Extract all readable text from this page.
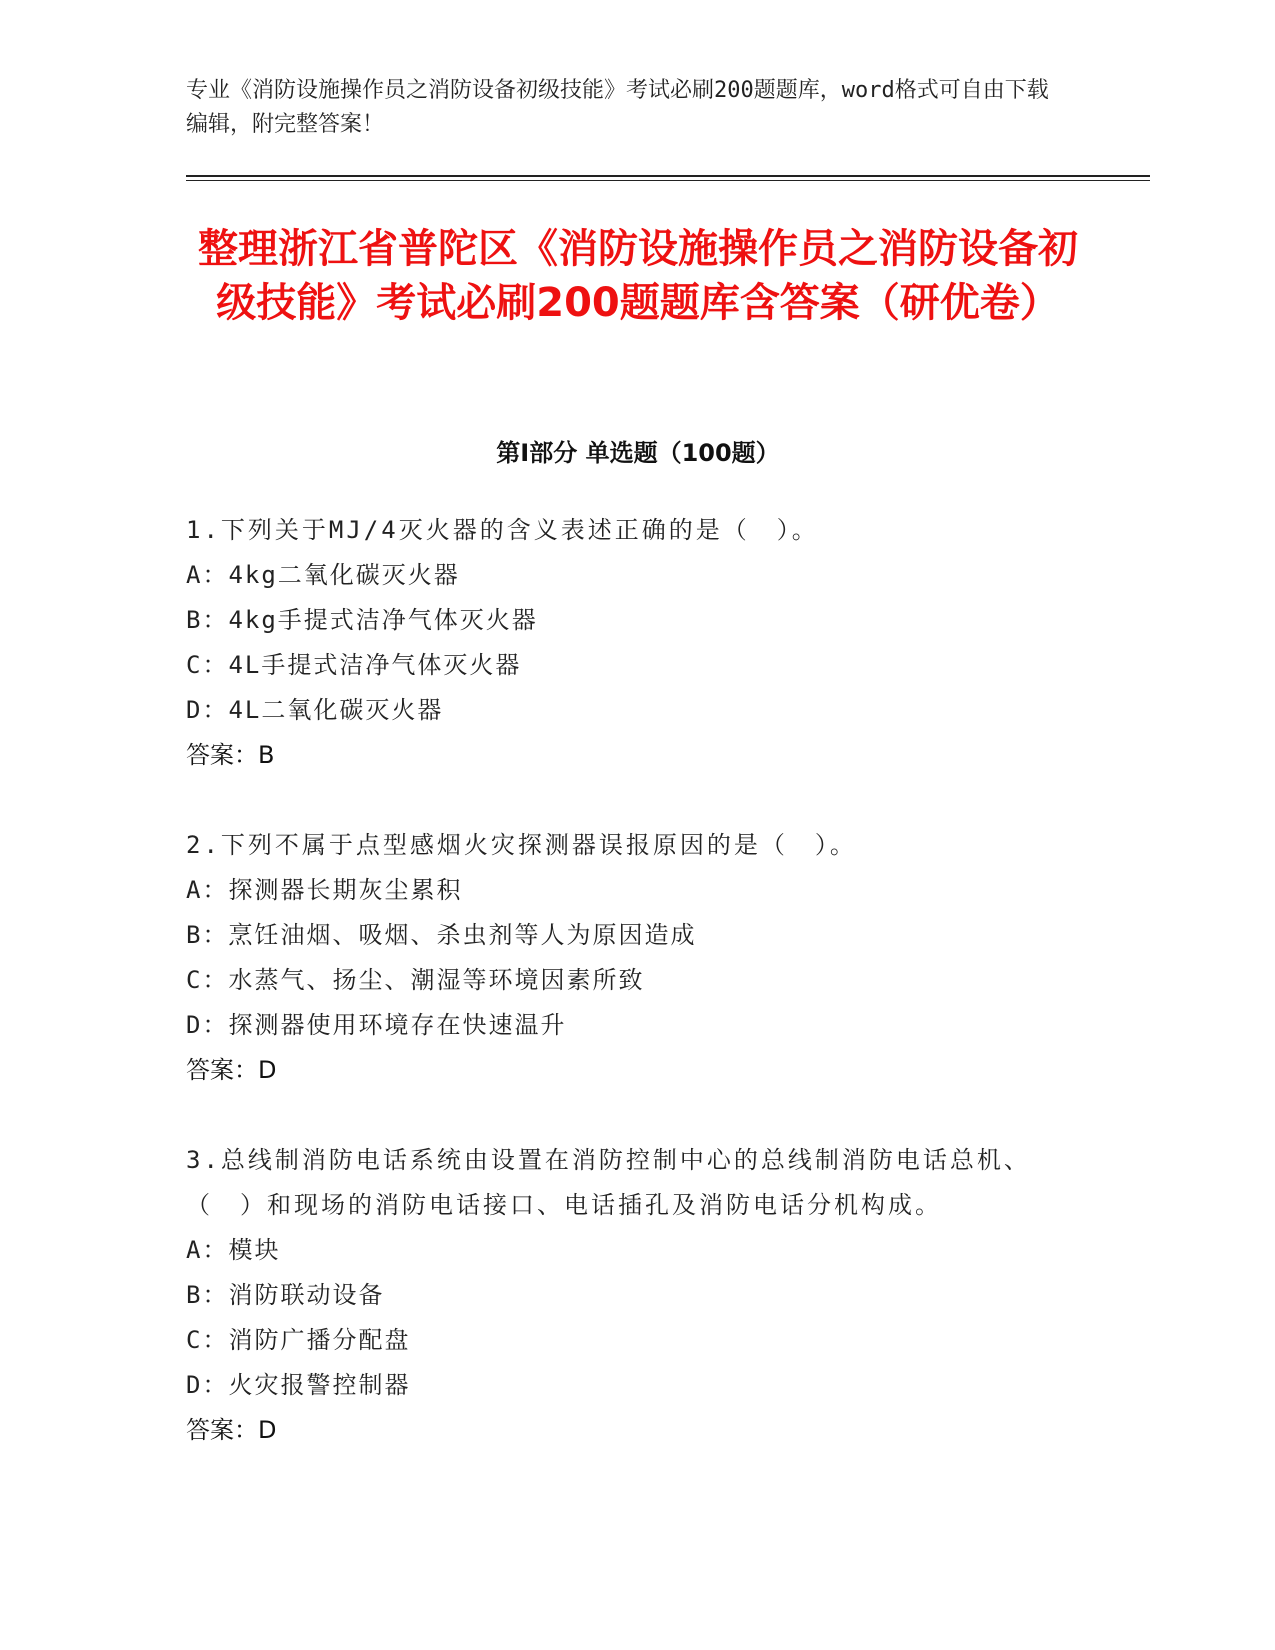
专业《消防设施操作员之消防设备初级技能》考试必刷200题题库，word格式可自由下载编辑，附完整答案！

整理浙江省普陀区《消防设施操作员之消防设备初级技能》考试必刷200题题库含答案（研优卷）
第Ⅰ部分 单选题（100题）

1.下列关于MJ/4灭火器的含义表述正确的是（　）。

A：4kg二氧化碳灭火器

B：4kg手提式洁净气体灭火器

C：4L手提式洁净气体灭火器

D：4L二氧化碳灭火器

答案：B

2.下列不属于点型感烟火灾探测器误报原因的是（　）。

A：探测器长期灰尘累积

B：烹饪油烟、吸烟、杀虫剂等人为原因造成

C：水蒸气、扬尘、潮湿等环境因素所致

D：探测器使用环境存在快速温升

答案：D

3.总线制消防电话系统由设置在消防控制中心的总线制消防电话总机、（　）和现场的消防电话接口、电话插孔及消防电话分机构成。

A：模块

B：消防联动设备

C：消防广播分配盘

D：火灾报警控制器

答案：D
